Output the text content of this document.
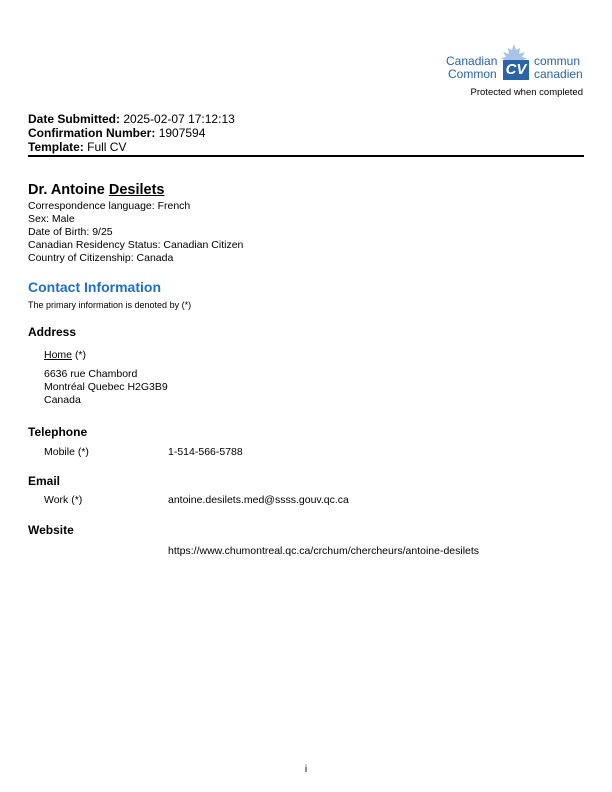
CV
Canadian
Common
commun
canadien
Protected when completed
Date Submitted: 2025-02-07 17:12:13
Confirmation Number: 1907594
Template: Full CV
Dr. Antoine Desilets
Correspondence language: French
Sex: Male
Date of Birth: 9/25
Canadian Residency Status: Canadian Citizen
Country of Citizenship: Canada
Contact Information
The primary information is denoted by (*)
Address
Home (*)
6636 rue Chambord
Montréal Quebec H2G3B9
Canada
Telephone
Mobile (*)	1-514-566-5788
Email
Work (*)	antoine.desilets.med@ssss.gouv.qc.ca
Website
https://www.chumontreal.qc.ca/crchum/chercheurs/antoine-desilets
i
